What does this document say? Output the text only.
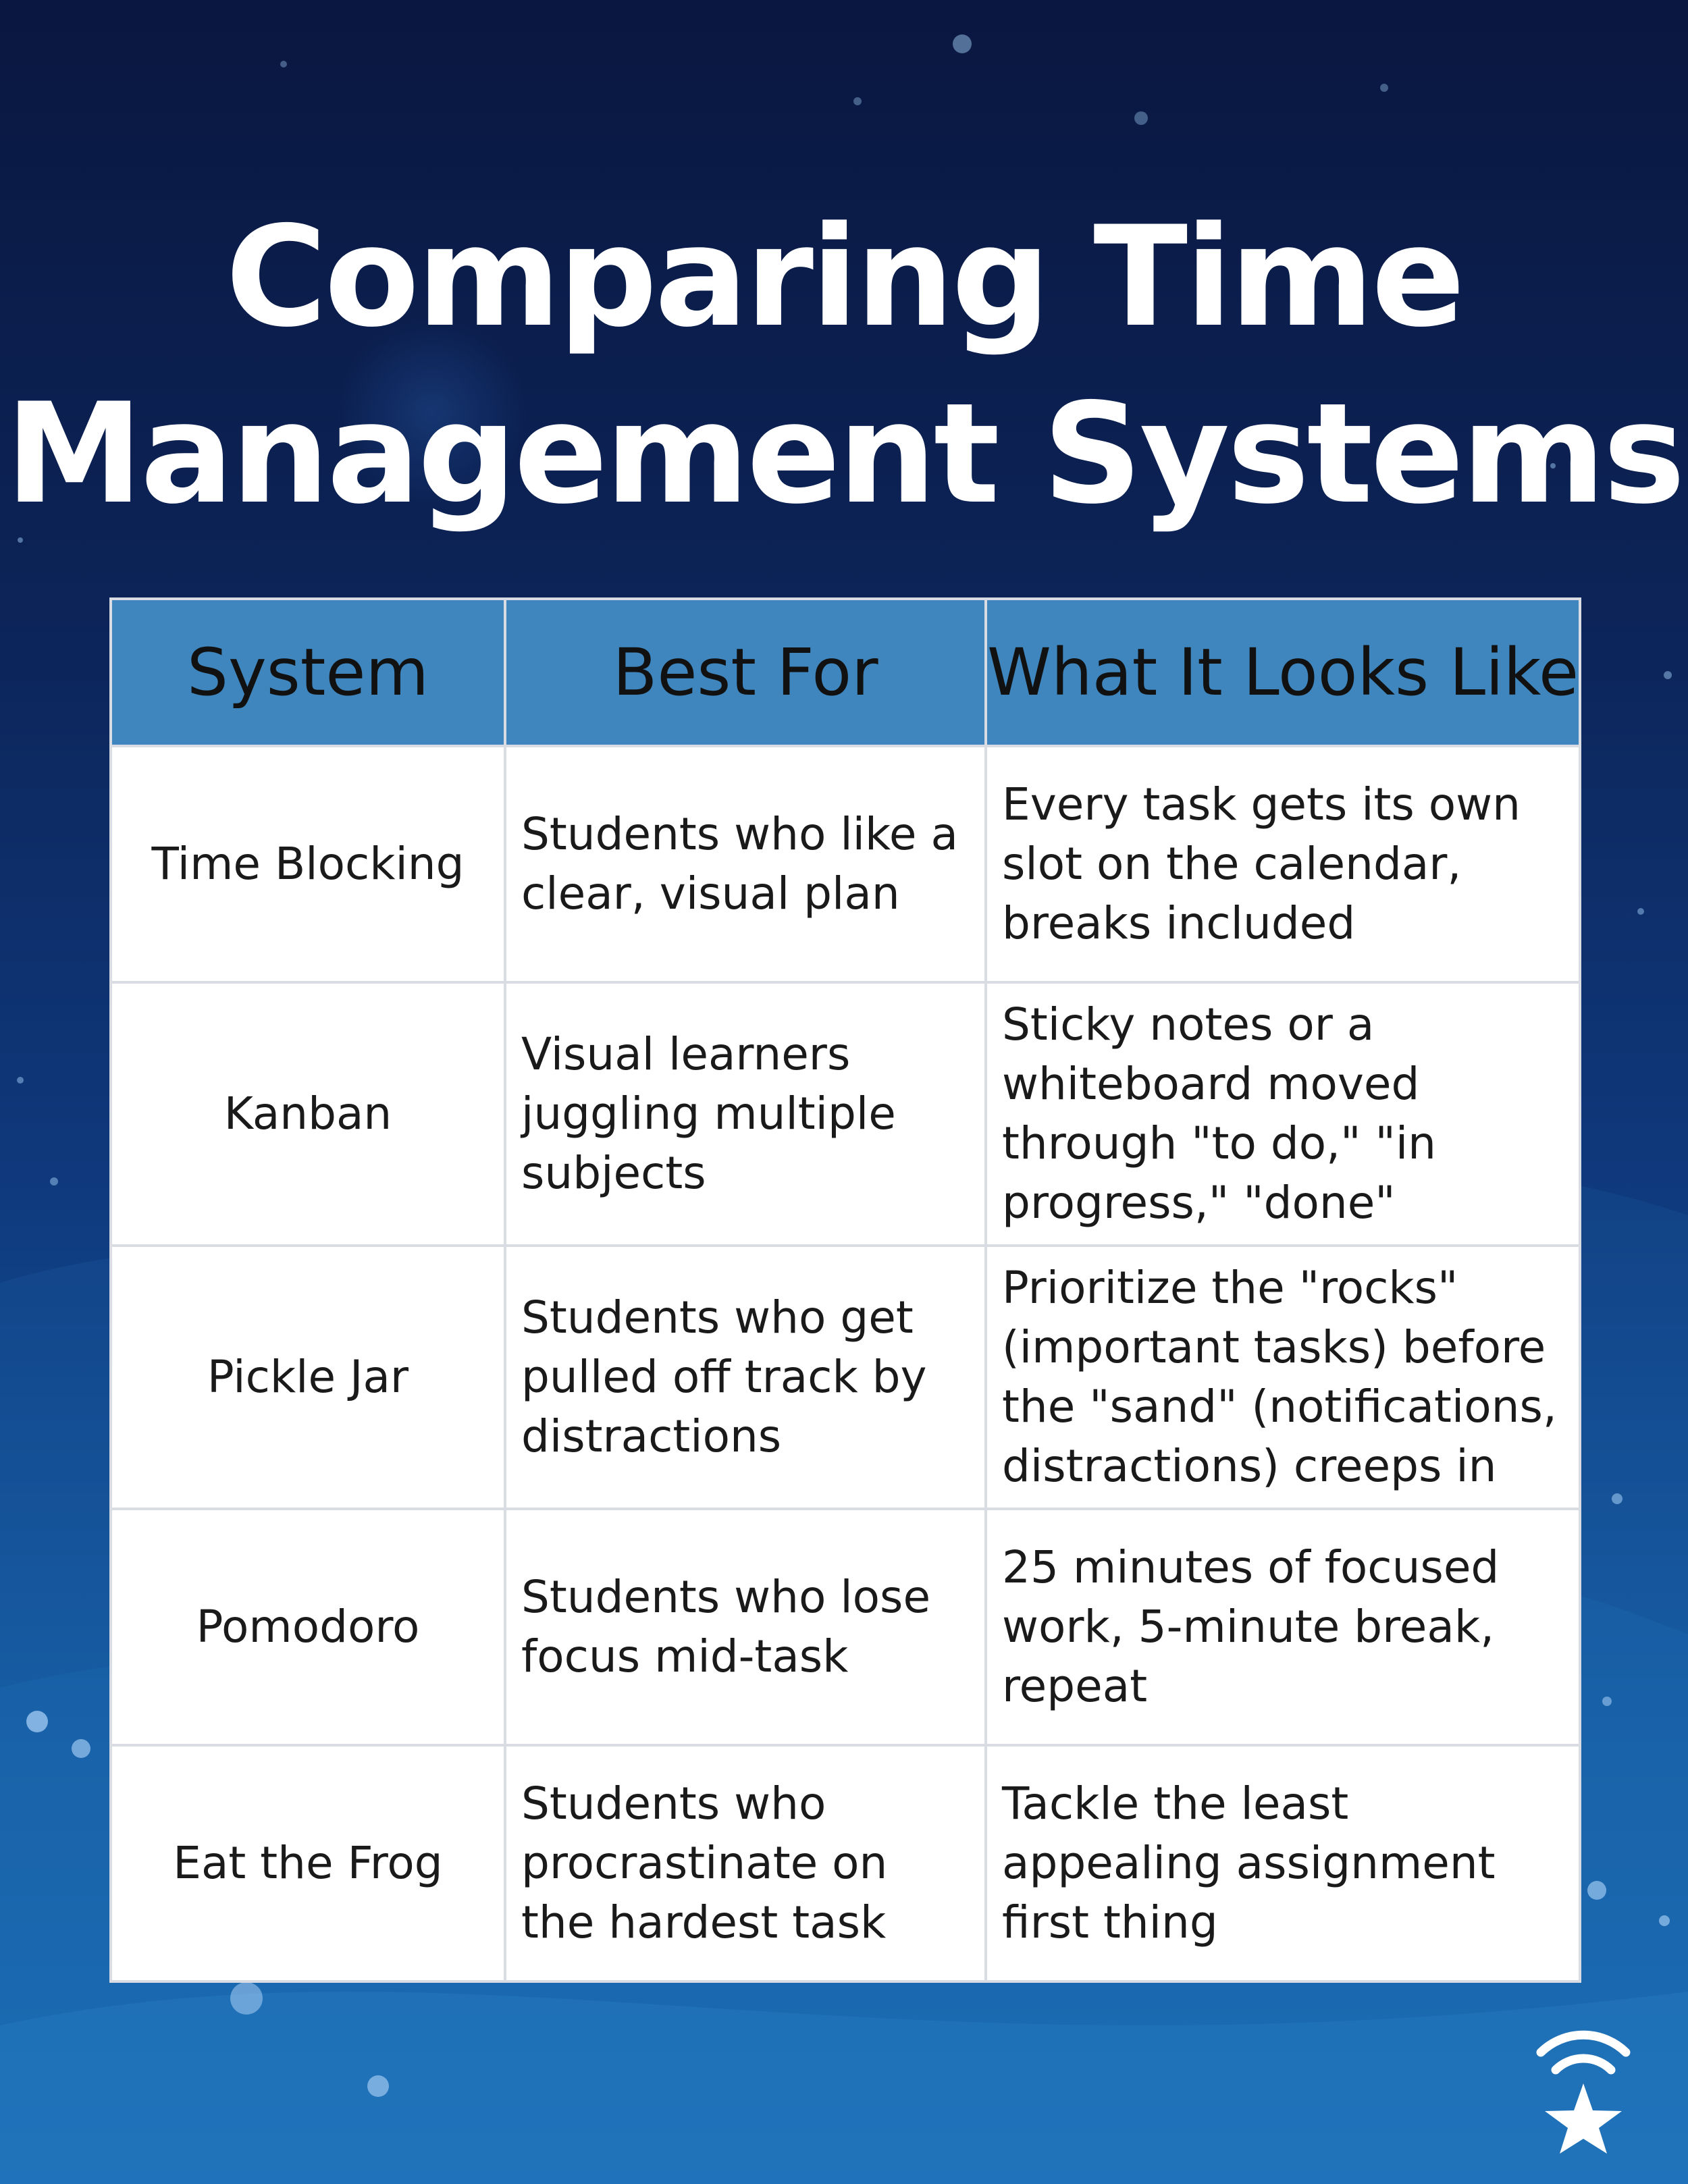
Comparing Time
Management Systems
System	Best For	What It Looks Like
Time Blocking	Students who like a clear, visual plan	Every task gets its own slot on the calendar, breaks included
Kanban	Visual learners juggling multiple subjects	Sticky notes or a whiteboard moved through "to do," "in progress," "done"
Pickle Jar	Students who get pulled off track by distractions	Prioritize the "rocks" (important tasks) before the "sand" (notifications, distractions) creeps in
Pomodoro	Students who lose focus mid-task	25 minutes of focused work, 5-minute break, repeat
Eat the Frog	Students who procrastinate on the hardest task	Tackle the least appealing assignment first thing
